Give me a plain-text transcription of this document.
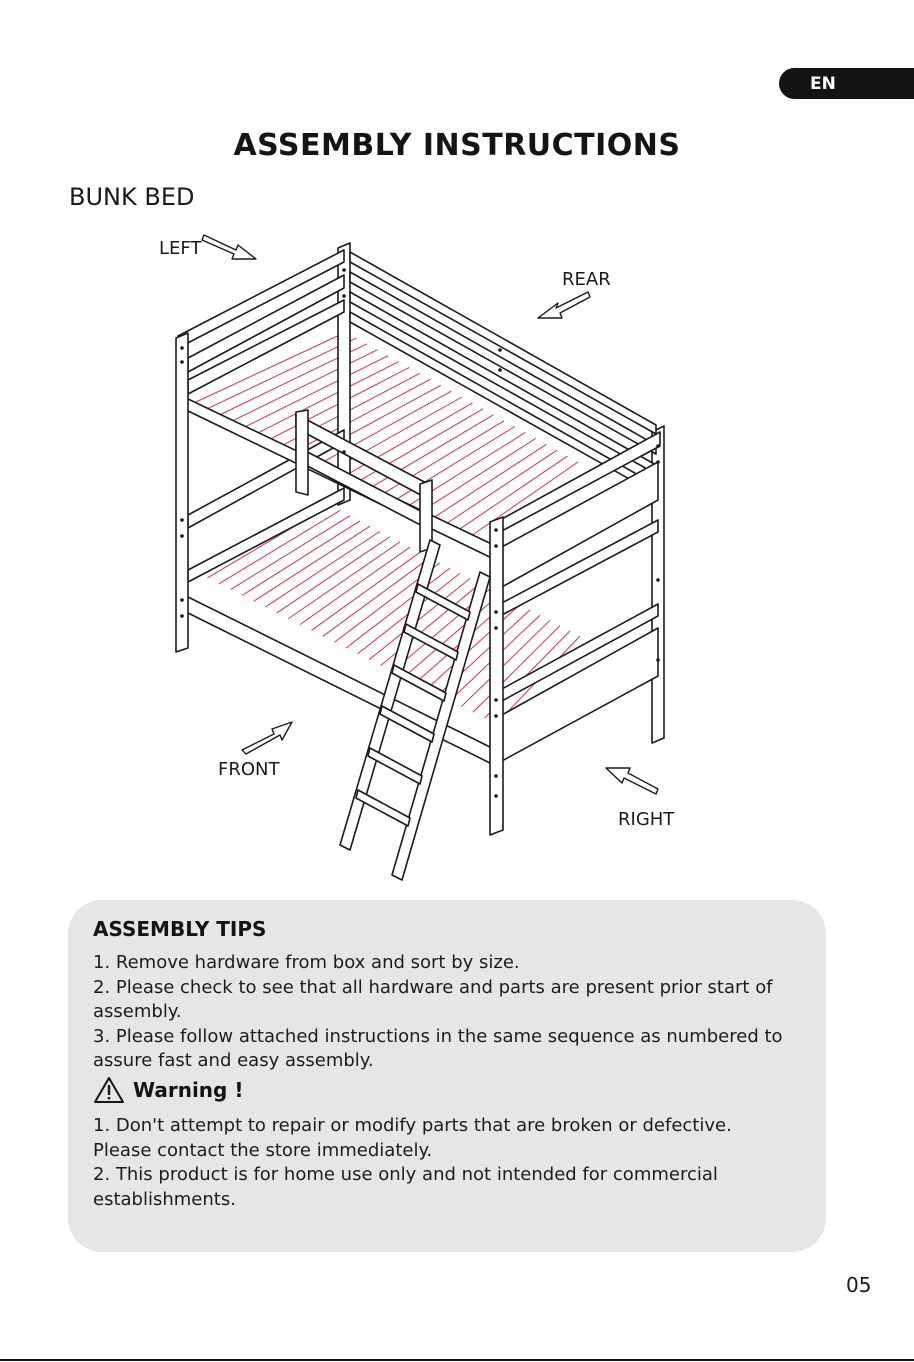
EN
ASSEMBLY INSTRUCTIONS
BUNK BED
LEFT
REAR
FRONT
RIGHT
ASSEMBLY TIPS

1. Remove hardware from box and sort by size.

2. Please check to see that all hardware and parts are present prior start of assembly.

3. Please follow attached instructions in the same sequence as numbered to assure fast and easy assembly.

Warning !

1. Don't attempt to repair or modify parts that are broken or defective.

Please contact the store immediately.

2. This product is for home use only and not intended for commercial establishments.

05
